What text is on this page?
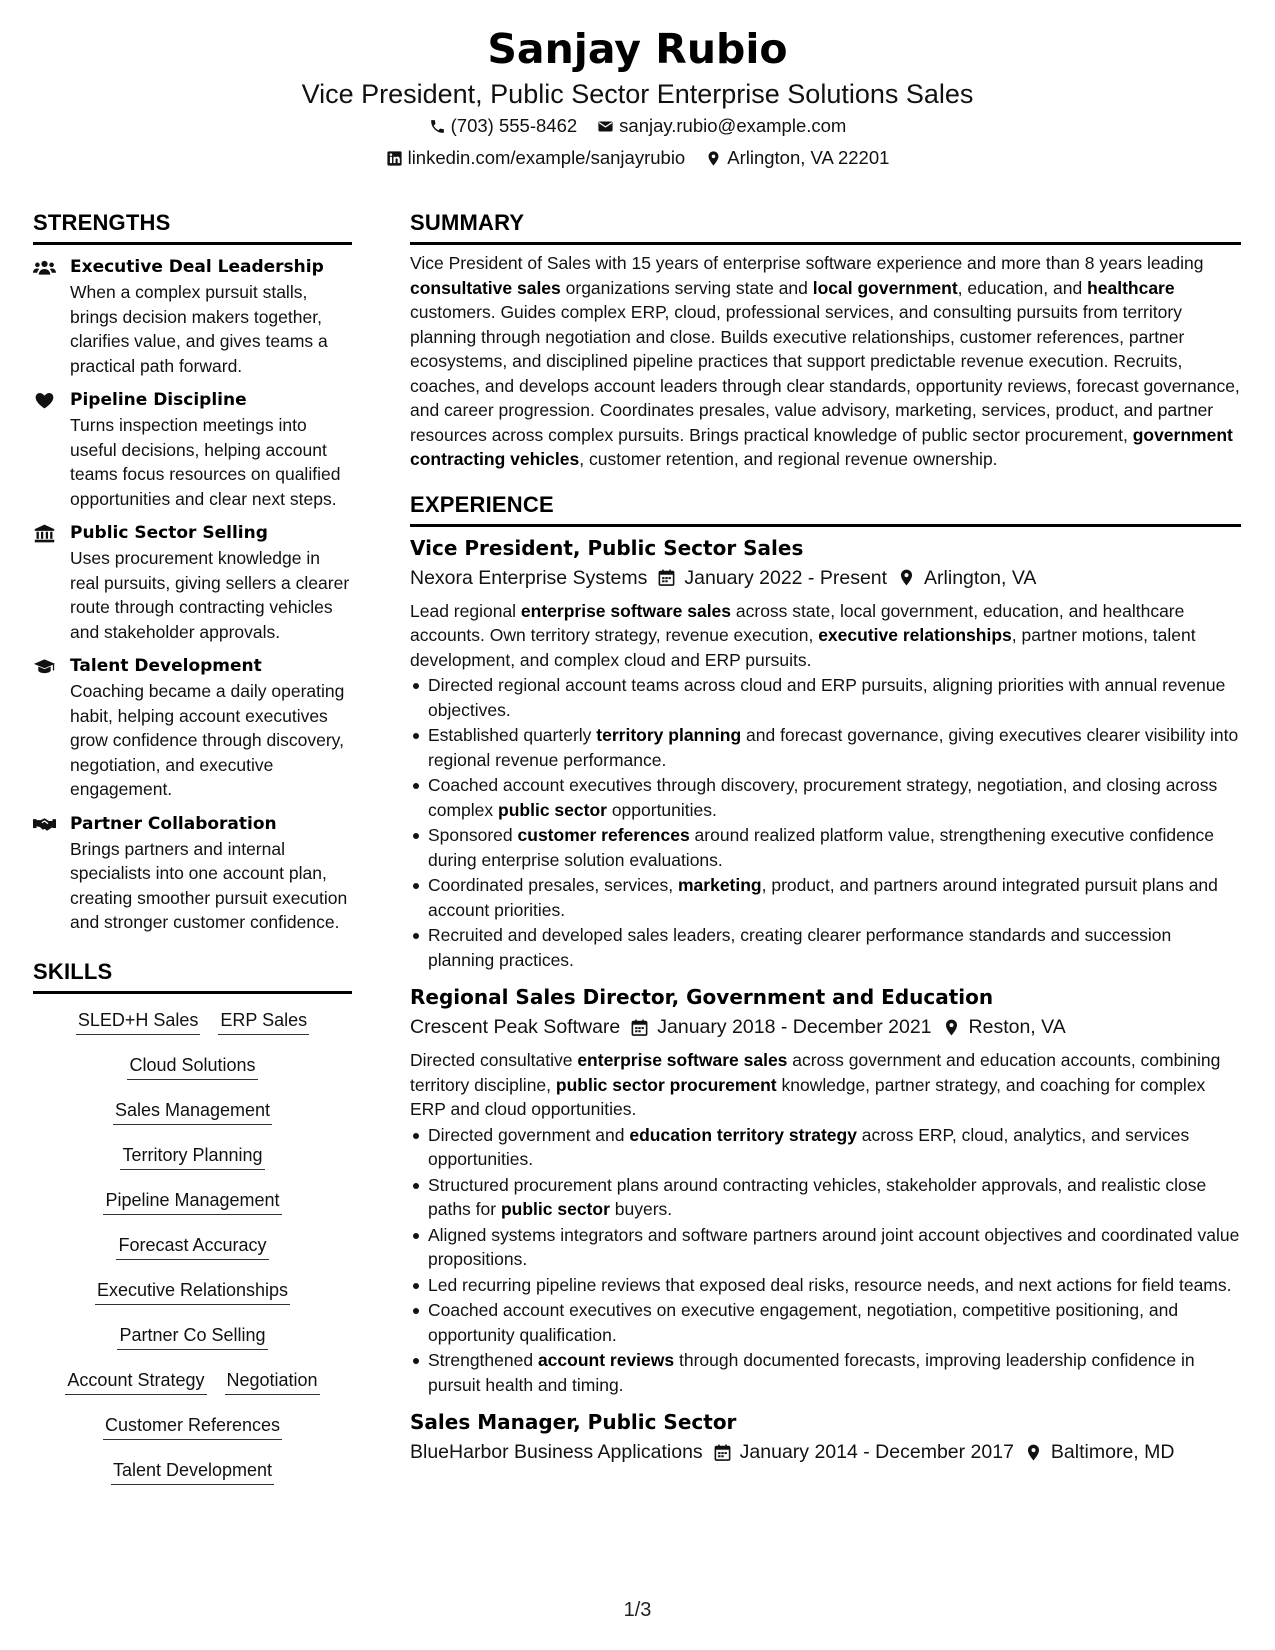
Sanjay Rubio
Vice President, Public Sector Enterprise Solutions Sales
(703) 555-8462 sanjay.rubio@example.com
linkedin.com/example/sanjayrubio Arlington, VA 22201
STRENGTHS
Executive Deal Leadership
When a complex pursuit stalls, brings decision makers together, clarifies value, and gives teams a practical path forward.
Pipeline Discipline
Turns inspection meetings into useful decisions, helping account teams focus resources on qualified opportunities and clear next steps.
Public Sector Selling
Uses procurement knowledge in real pursuits, giving sellers a clearer route through contracting vehicles and stakeholder approvals.
Talent Development
Coaching became a daily operating habit, helping account executives grow confidence through discovery, negotiation, and executive engagement.
Partner Collaboration
Brings partners and internal specialists into one account plan, creating smoother pursuit execution and stronger customer confidence.
SKILLS
SLED+H Sales ERP Sales
Cloud Solutions
Sales Management
Territory Planning
Pipeline Management
Forecast Accuracy
Executive Relationships
Partner Co Selling
Account Strategy Negotiation
Customer References
Talent Development
SUMMARY

Vice President of Sales with 15 years of enterprise software experience and more than 8 years leading consultative sales organizations serving state and local government, education, and healthcare customers. Guides complex ERP, cloud, professional services, and consulting pursuits from territory planning through negotiation and close. Builds executive relationships, customer references, partner ecosystems, and disciplined pipeline practices that support predictable revenue execution. Recruits, coaches, and develops account leaders through clear standards, opportunity reviews, forecast governance, and career progression. Coordinates presales, value advisory, marketing, services, product, and partner resources across complex pursuits. Brings practical knowledge of public sector procurement, government contracting vehicles, customer retention, and regional revenue ownership.

EXPERIENCE
Vice President, Public Sector Sales
Nexora Enterprise Systems January 2022 - Present Arlington, VA

Lead regional enterprise software sales across state, local government, education, and healthcare accounts. Own territory strategy, revenue execution, executive relationships, partner motions, talent development, and complex cloud and ERP pursuits.

Directed regional account teams across cloud and ERP pursuits, aligning priorities with annual revenue objectives.
Established quarterly territory planning and forecast governance, giving executives clearer visibility into regional revenue performance.
Coached account executives through discovery, procurement strategy, negotiation, and closing across complex public sector opportunities.
Sponsored customer references around realized platform value, strengthening executive confidence during enterprise solution evaluations.
Coordinated presales, services, marketing, product, and partners around integrated pursuit plans and account priorities.
Recruited and developed sales leaders, creating clearer performance standards and succession planning practices.
Regional Sales Director, Government and Education
Crescent Peak Software January 2018 - December 2021 Reston, VA

Directed consultative enterprise software sales across government and education accounts, combining territory discipline, public sector procurement knowledge, partner strategy, and coaching for complex ERP and cloud opportunities.

Directed government and education territory strategy across ERP, cloud, analytics, and services opportunities.
Structured procurement plans around contracting vehicles, stakeholder approvals, and realistic close paths for public sector buyers.
Aligned systems integrators and software partners around joint account objectives and coordinated value propositions.
Led recurring pipeline reviews that exposed deal risks, resource needs, and next actions for field teams.
Coached account executives on executive engagement, negotiation, competitive positioning, and opportunity qualification.
Strengthened account reviews through documented forecasts, improving leadership confidence in pursuit health and timing.
Sales Manager, Public Sector
BlueHarbor Business Applications January 2014 - December 2017 Baltimore, MD
1/3
